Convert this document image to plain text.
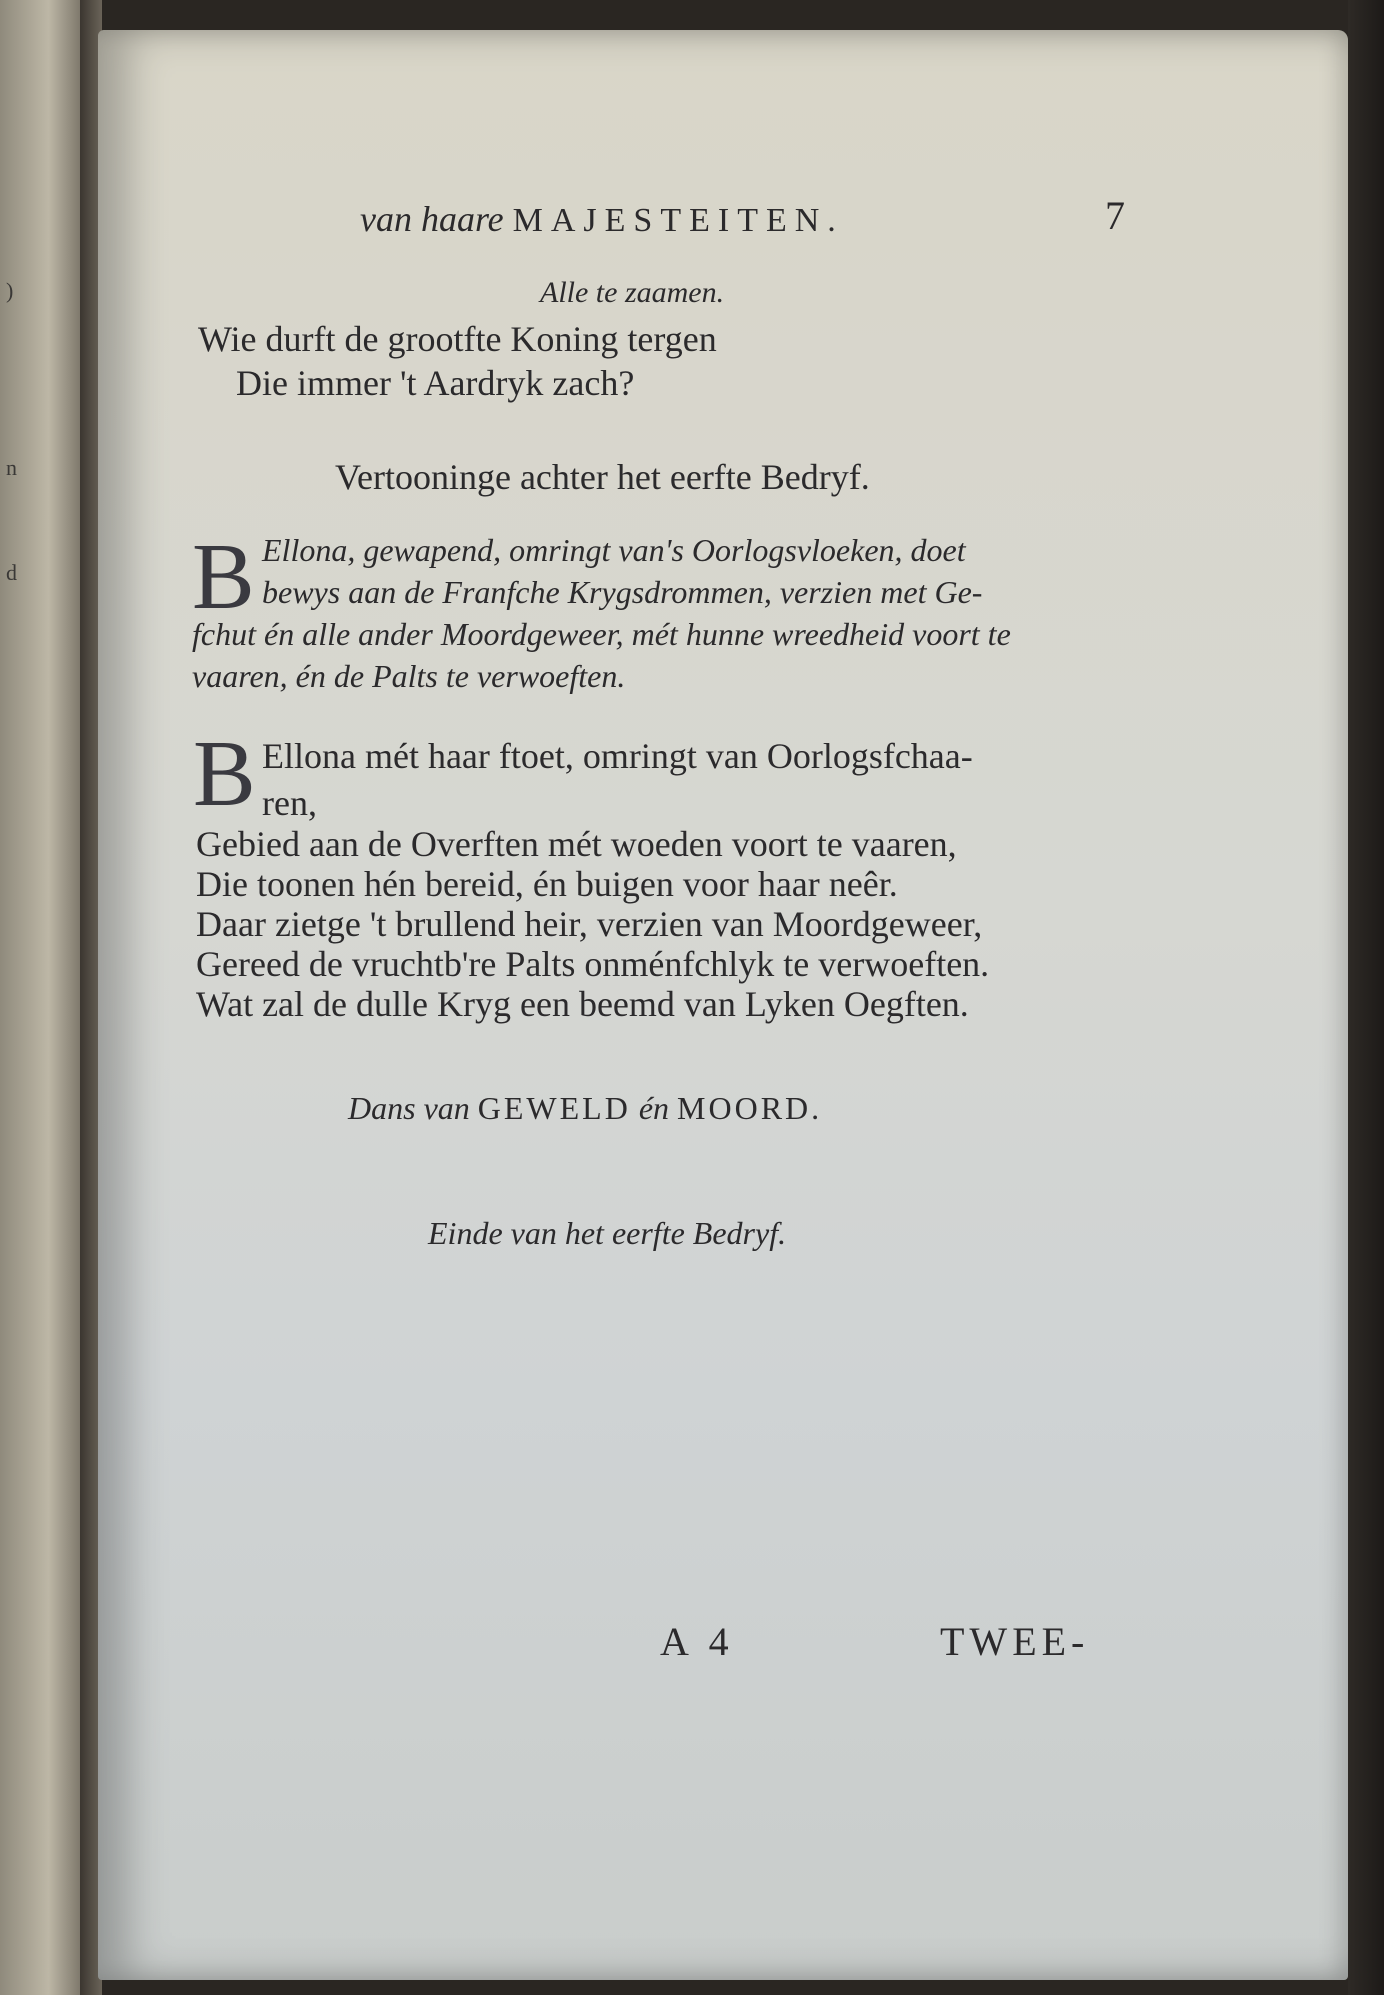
)
n
d
van haare MAJESTEITEN.	7
Alle te zaamen.
Wie durft de grootfte Koning tergen
Die immer 't Aardryk zach?
Vertooninge achter het eerfte Bedryf.
B Ellona, gewapend, omringt van's Oorlogsvloeken, doet
bewys aan de Franfche Krygsdrommen, verzien met Ge-
fchut én alle ander Moordgeweer, mét hunne wreedheid voort te
vaaren, én de Palts te verwoeften.
B Ellona mét haar ftoet, omringt van Oorlogsfchaa-
ren,
Gebied aan de Overften mét woeden voort te vaaren,
Die toonen hén bereid, én buigen voor haar neêr.
Daar zietge 't brullend heir, verzien van Moordgeweer,
Gereed de vruchtb're Palts onménfchlyk te verwoeften.
Wat zal de dulle Kryg een beemd van Lyken Oegften.
Dans van GEWELD én MOORD.
Einde van het eerfte Bedryf.
A 4	TWEE-
